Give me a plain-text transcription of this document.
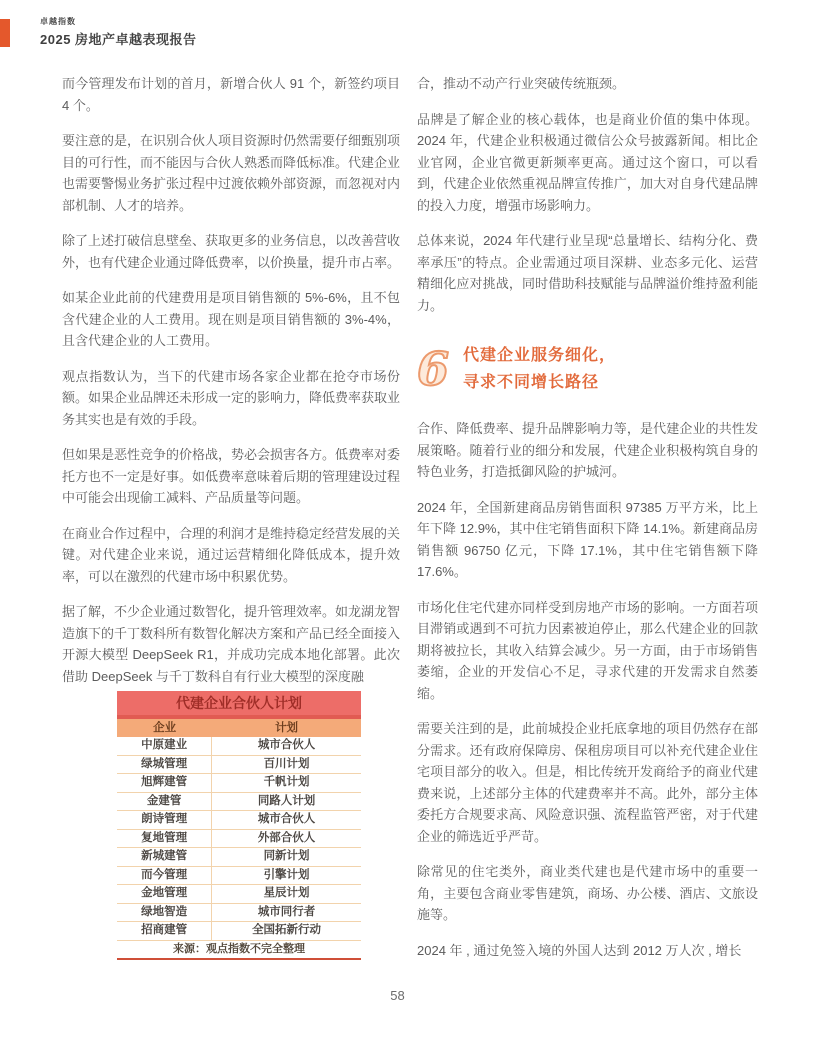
卓越指数
2025 房地产卓越表现报告

而今管理发布计划的首月，新增合伙人 91 个，新签约项目 4 个。

要注意的是，在识别合伙人项目资源时仍然需要仔细甄别项目的可行性，而不能因与合伙人熟悉而降低标准。代建企业也需要警惕业务扩张过程中过渡依赖外部资源，而忽视对内部机制、人才的培养。

除了上述打破信息壁垒、获取更多的业务信息，以改善营收外，也有代建企业通过降低费率，以价换量，提升市占率。

如某企业此前的代建费用是项目销售额的 5%-6%，且不包含代建企业的人工费用。现在则是项目销售额的 3%-4%，且含代建企业的人工费用。

观点指数认为，当下的代建市场各家企业都在抢夺市场份额。如果企业品牌还未形成一定的影响力，降低费率获取业务其实也是有效的手段。

但如果是恶性竞争的价格战，势必会损害各方。低费率对委托方也不一定是好事。如低费率意味着后期的管理建设过程中可能会出现偷工减料、产品质量等问题。

在商业合作过程中，合理的利润才是维持稳定经营发展的关键。对代建企业来说，通过运营精细化降低成本，提升效率，可以在激烈的代建市场中积累优势。

据了解，不少企业通过数智化，提升管理效率。如龙湖龙智造旗下的千丁数科所有数智化解决方案和产品已经全面接入开源大模型 DeepSeek R1，并成功完成本地化部署。此次借助 DeepSeek 与千丁数科自有行业大模型的深度融

代建企业合伙人计划
企业	计划
中原建业	城市合伙人
绿城管理	百川计划
旭辉建管	千帆计划
金建管	同路人计划
朗诗管理	城市合伙人
复地管理	外部合伙人
新城建管	同新计划
而今管理	引擎计划
金地管理	星辰计划
绿地智造	城市同行者
招商建管	全国拓新行动
来源：观点指数不完全整理

合，推动不动产行业突破传统瓶颈。

品牌是了解企业的核心载体，也是商业价值的集中体现。2024 年，代建企业积极通过微信公众号披露新闻。相比企业官网，企业官微更新频率更高。通过这个窗口，可以看到，代建企业依然重视品牌宣传推广，加大对自身代建品牌的投入力度，增强市场影响力。

总体来说，2024 年代建行业呈现“总量增长、结构分化、费率承压”的特点。企业需通过项目深耕、业态多元化、运营精细化应对挑战，同时借助科技赋能与品牌溢价维持盈利能力。

6 代建企业服务细化，
寻求不同增长路径

合作、降低费率、提升品牌影响力等，是代建企业的共性发展策略。随着行业的细分和发展，代建企业积极构筑自身的特色业务，打造抵御风险的护城河。

2024 年，全国新建商品房销售面积 97385 万平方米，比上年下降 12.9%，其中住宅销售面积下降 14.1%。新建商品房销售额 96750 亿元，下降 17.1%，其中住宅销售额下降 17.6%。

市场化住宅代建亦同样受到房地产市场的影响。一方面若项目滞销或遇到不可抗力因素被迫停止，那么代建企业的回款期将被拉长，其收入结算会减少。另一方面，由于市场销售萎缩，企业的开发信心不足，寻求代建的开发需求自然萎缩。

需要关注到的是，此前城投企业托底拿地的项目仍然存在部分需求。还有政府保障房、保租房项目可以补充代建企业住宅项目部分的收入。但是，相比传统开发商给予的商业代建费来说，上述部分主体的代建费率并不高。此外，部分主体委托方合规要求高、风险意识强、流程监管严密，对于代建企业的筛选近乎严苛。

除常见的住宅类外，商业类代建也是代建市场中的重要一角，主要包含商业零售建筑，商场、办公楼、酒店、文旅设施等。

2024 年 , 通过免签入境的外国人达到 2012 万人次 , 增长

58
